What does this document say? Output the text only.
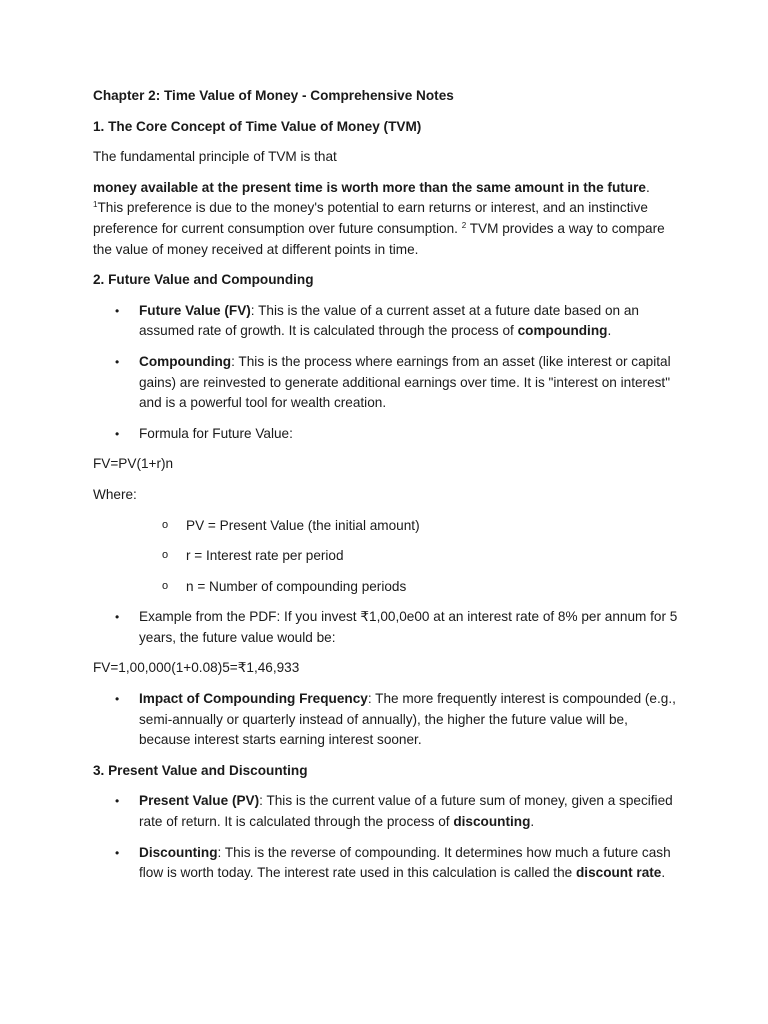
Chapter 2: Time Value of Money - Comprehensive Notes

1. The Core Concept of Time Value of Money (TVM)

The fundamental principle of TVM is that

money available at the present time is worth more than the same amount in the future. $^1$This preference is due to the money's potential to earn returns or interest, and an instinctive preference for current consumption over future consumption. $^2$ TVM provides a way to compare the value of money received at different points in time.

2. Future Value and Compounding

• Future Value (FV): This is the value of a current asset at a future date based on an assumed rate of growth. It is calculated through the process of compounding.
• Compounding: This is the process where earnings from an asset (like interest or capital gains) are reinvested to generate additional earnings over time. It is "interest on interest" and is a powerful tool for wealth creation.
• Formula for Future Value:

FV=PV(1+r)n

Where:

o PV = Present Value (the initial amount)
o r = Interest rate per period
o n = Number of compounding periods
• Example from the PDF: If you invest ₹1,00,0e00 at an interest rate of 8% per annum for 5 years, the future value would be:

FV=1,00,000(1+0.08)5=₹1,46,933

• Impact of Compounding Frequency: The more frequently interest is compounded (e.g., semi-annually or quarterly instead of annually), the higher the future value will be, because interest starts earning interest sooner.

3. Present Value and Discounting

• Present Value (PV): This is the current value of a future sum of money, given a specified rate of return. It is calculated through the process of discounting.
• Discounting: This is the reverse of compounding. It determines how much a future cash flow is worth today. The interest rate used in this calculation is called the discount rate.
